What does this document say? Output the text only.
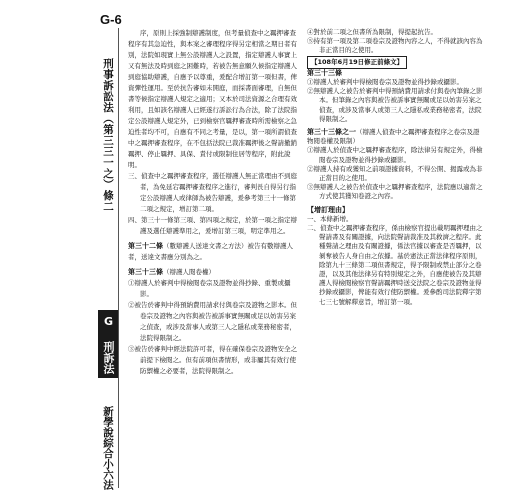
G-6
刑事訴訟法（第三三一之）條二
G 刑訴法
新學說綜合小六法

序，原則上採強制辯護制度，但考量偵查中之羈押審查程序有其急迫性，與本案之審理程序得另定相當之期日者有別，法院如現實上無公設辯護人之設置，指定辯護人事實上又有無法及時到庭之困難時，若被告無意願久候指定辯護人到庭協助辯護，自應予以尊重，爰配合增訂第一項但書，俾資彈性運用。至於抗告審如未開庭，而採書面審理，自無但書等候指定辯護人規定之適用；又本於司法資源之合理有效利用，且如該名辯護人已經遂行訴訟行為合法，除了法院指定公設辯護人規定外，已到檢察官羈押審查時所需檢察之急迫性者均不可，自應有不同之考量，是以，第一項所謂偵查中之羈押審查程序，在不包括法院已裁准羈押後之聲請撤銷羈押、停止羈押、具保、責付或限制住居等程序，附此說明。

三、偵查中之羈押審查程序，選任辯護人無正當理由不到庭者，為免延宕羈押審查程序之進行，審判長自得另行指定公設辯護人或律師為被告辯護，爰參考第三十一條第二項之規定，增訂第二項。

四、第三十一條第三項、第四項之規定，於第一項之指定辯護及選任辯護準用之，爰增訂第三項，明定準用之。

第三十二條（數辯護人送達文書之方法）被告有數辯護人者，送達文書應分別為之。

第三十三條（辯護人閱卷權）

①辯護人於審判中得檢閱卷宗及證物並得抄錄、重製或攝影。

②被告於審判中得預納費用請求付與卷宗及證物之影本。但卷宗及證物之內容與被告被訴事實無關或足以妨害另案之偵查，或涉及當事人或第三人之隱私或業務秘密者，法院得限制之。

③被告於審判中經法院許可者，得在確保卷宗及證物安全之前提下檢閱之。但有前項但書情形，或非屬其有效行使防禦權之必要者，法院得限制之。

④對於前二項之但書所為限制，得提起抗告。

⑤持有第一項及第二項卷宗及證物內容之人，不得就該內容為非正當目的之使用。

【108年6月19日修正前條文】

第三十三條

①辯護人於審判中得檢閱卷宗及證物並得抄錄或攝影。

②無辯護人之被告於審判中得預納費用請求付與卷內筆錄之影本。但筆錄之內容與被告被訴事實無關或足以妨害另案之偵查，或涉及當事人或第三人之隱私或業務秘密者，法院得限制之。

第三十三條之一（辯護人偵查中之羈押審查程序之卷宗及證物閱卷權及限制）

①辯護人於偵查中之羈押審查程序，除法律另有規定外，得檢閱卷宗及證物並得抄錄或攝影。

②辯護人持有或獲知之前項證據資料，不得公開、揭露或為非正當目的之使用。

③無辯護人之被告於偵查中之羈押審查程序，法院應以適當之方式使其獲知卷證之內容。

【增訂理由】

一、本條新增。

二、偵查中之羈押審查程序，係由檢察官提出載明羈押理由之聲請書及有關證據，向法院聲請裁准及其救濟之程序。此種聲請之理由及有關證據，係法官據以審查是否羈押，以剝奪被告人身自由之依據。基於憲法正當法律程序原則，除第九十三條第二項但書規定，得予限制或禁止部分之卷證，以及其他法律另有特別規定之外，自應使被告及其辯護人得檢閱檢察官聲請羈押時送交法院之卷宗及證物並得抄錄或攝影，俾能有效行使防禦權。爰參酌司法院釋字第七三七號解釋意旨，增訂第一項。
